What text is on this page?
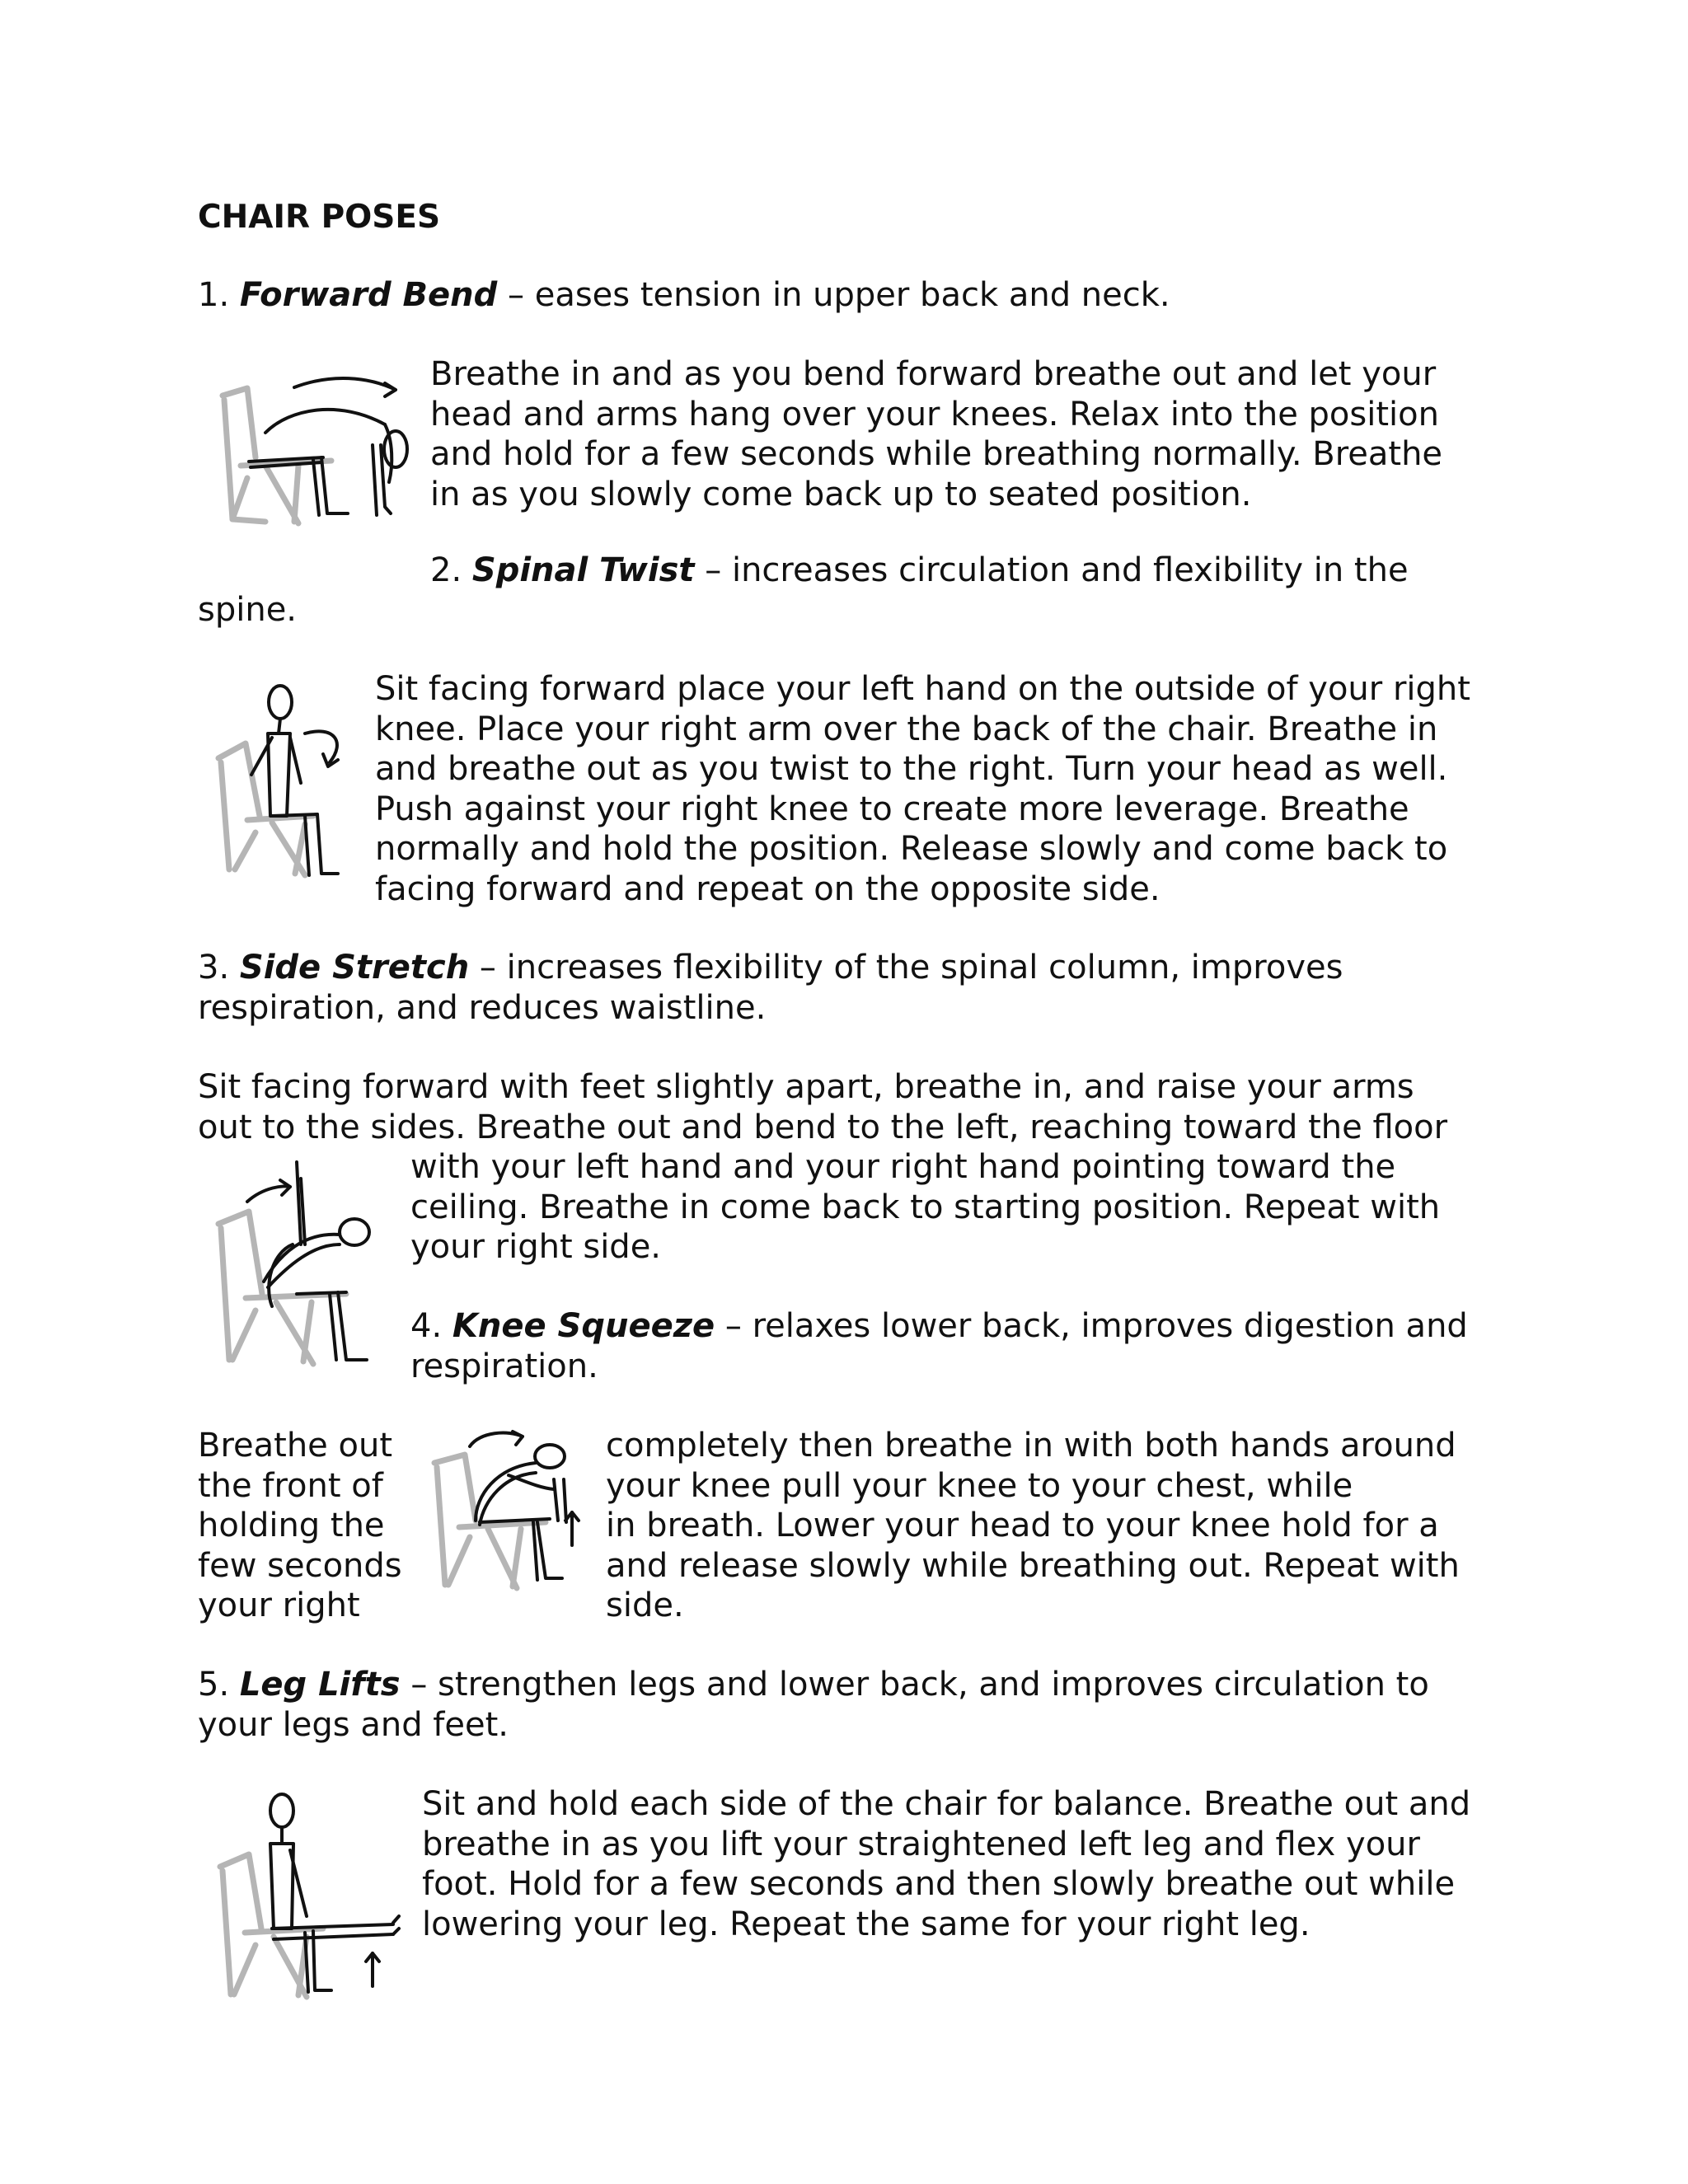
CHAIR POSES
1. Forward Bend – eases tension in upper back and neck.
Breathe in and as you bend forward breathe out and let your
head and arms hang over your knees. Relax into the position
and hold for a few seconds while breathing normally. Breathe
in as you slowly come back up to seated position.
2. Spinal Twist – increases circulation and flexibility in the
spine.
Sit facing forward place your left hand on the outside of your right
knee. Place your right arm over the back of the chair. Breathe in
and breathe out as you twist to the right. Turn your head as well.
Push against your right knee to create more leverage. Breathe
normally and hold the position. Release slowly and come back to
facing forward and repeat on the opposite side.
3. Side Stretch – increases flexibility of the spinal column, improves
respiration, and reduces waistline.
Sit facing forward with feet slightly apart, breathe in, and raise your arms
out to the sides. Breathe out and bend to the left, reaching toward the floor
with your left hand and your right hand pointing toward the
ceiling. Breathe in come back to starting position. Repeat with
your right side.
4. Knee Squeeze – relaxes lower back, improves digestion and
respiration.
Breathe out
the front of
holding the
few seconds
your right
completely then breathe in with both hands around
your knee pull your knee to your chest, while
in breath. Lower your head to your knee hold for a
and release slowly while breathing out. Repeat with
side.
5. Leg Lifts – strengthen legs and lower back, and improves circulation to
your legs and feet.
Sit and hold each side of the chair for balance. Breathe out and
breathe in as you lift your straightened left leg and flex your
foot. Hold for a few seconds and then slowly breathe out while
lowering your leg. Repeat the same for your right leg.
